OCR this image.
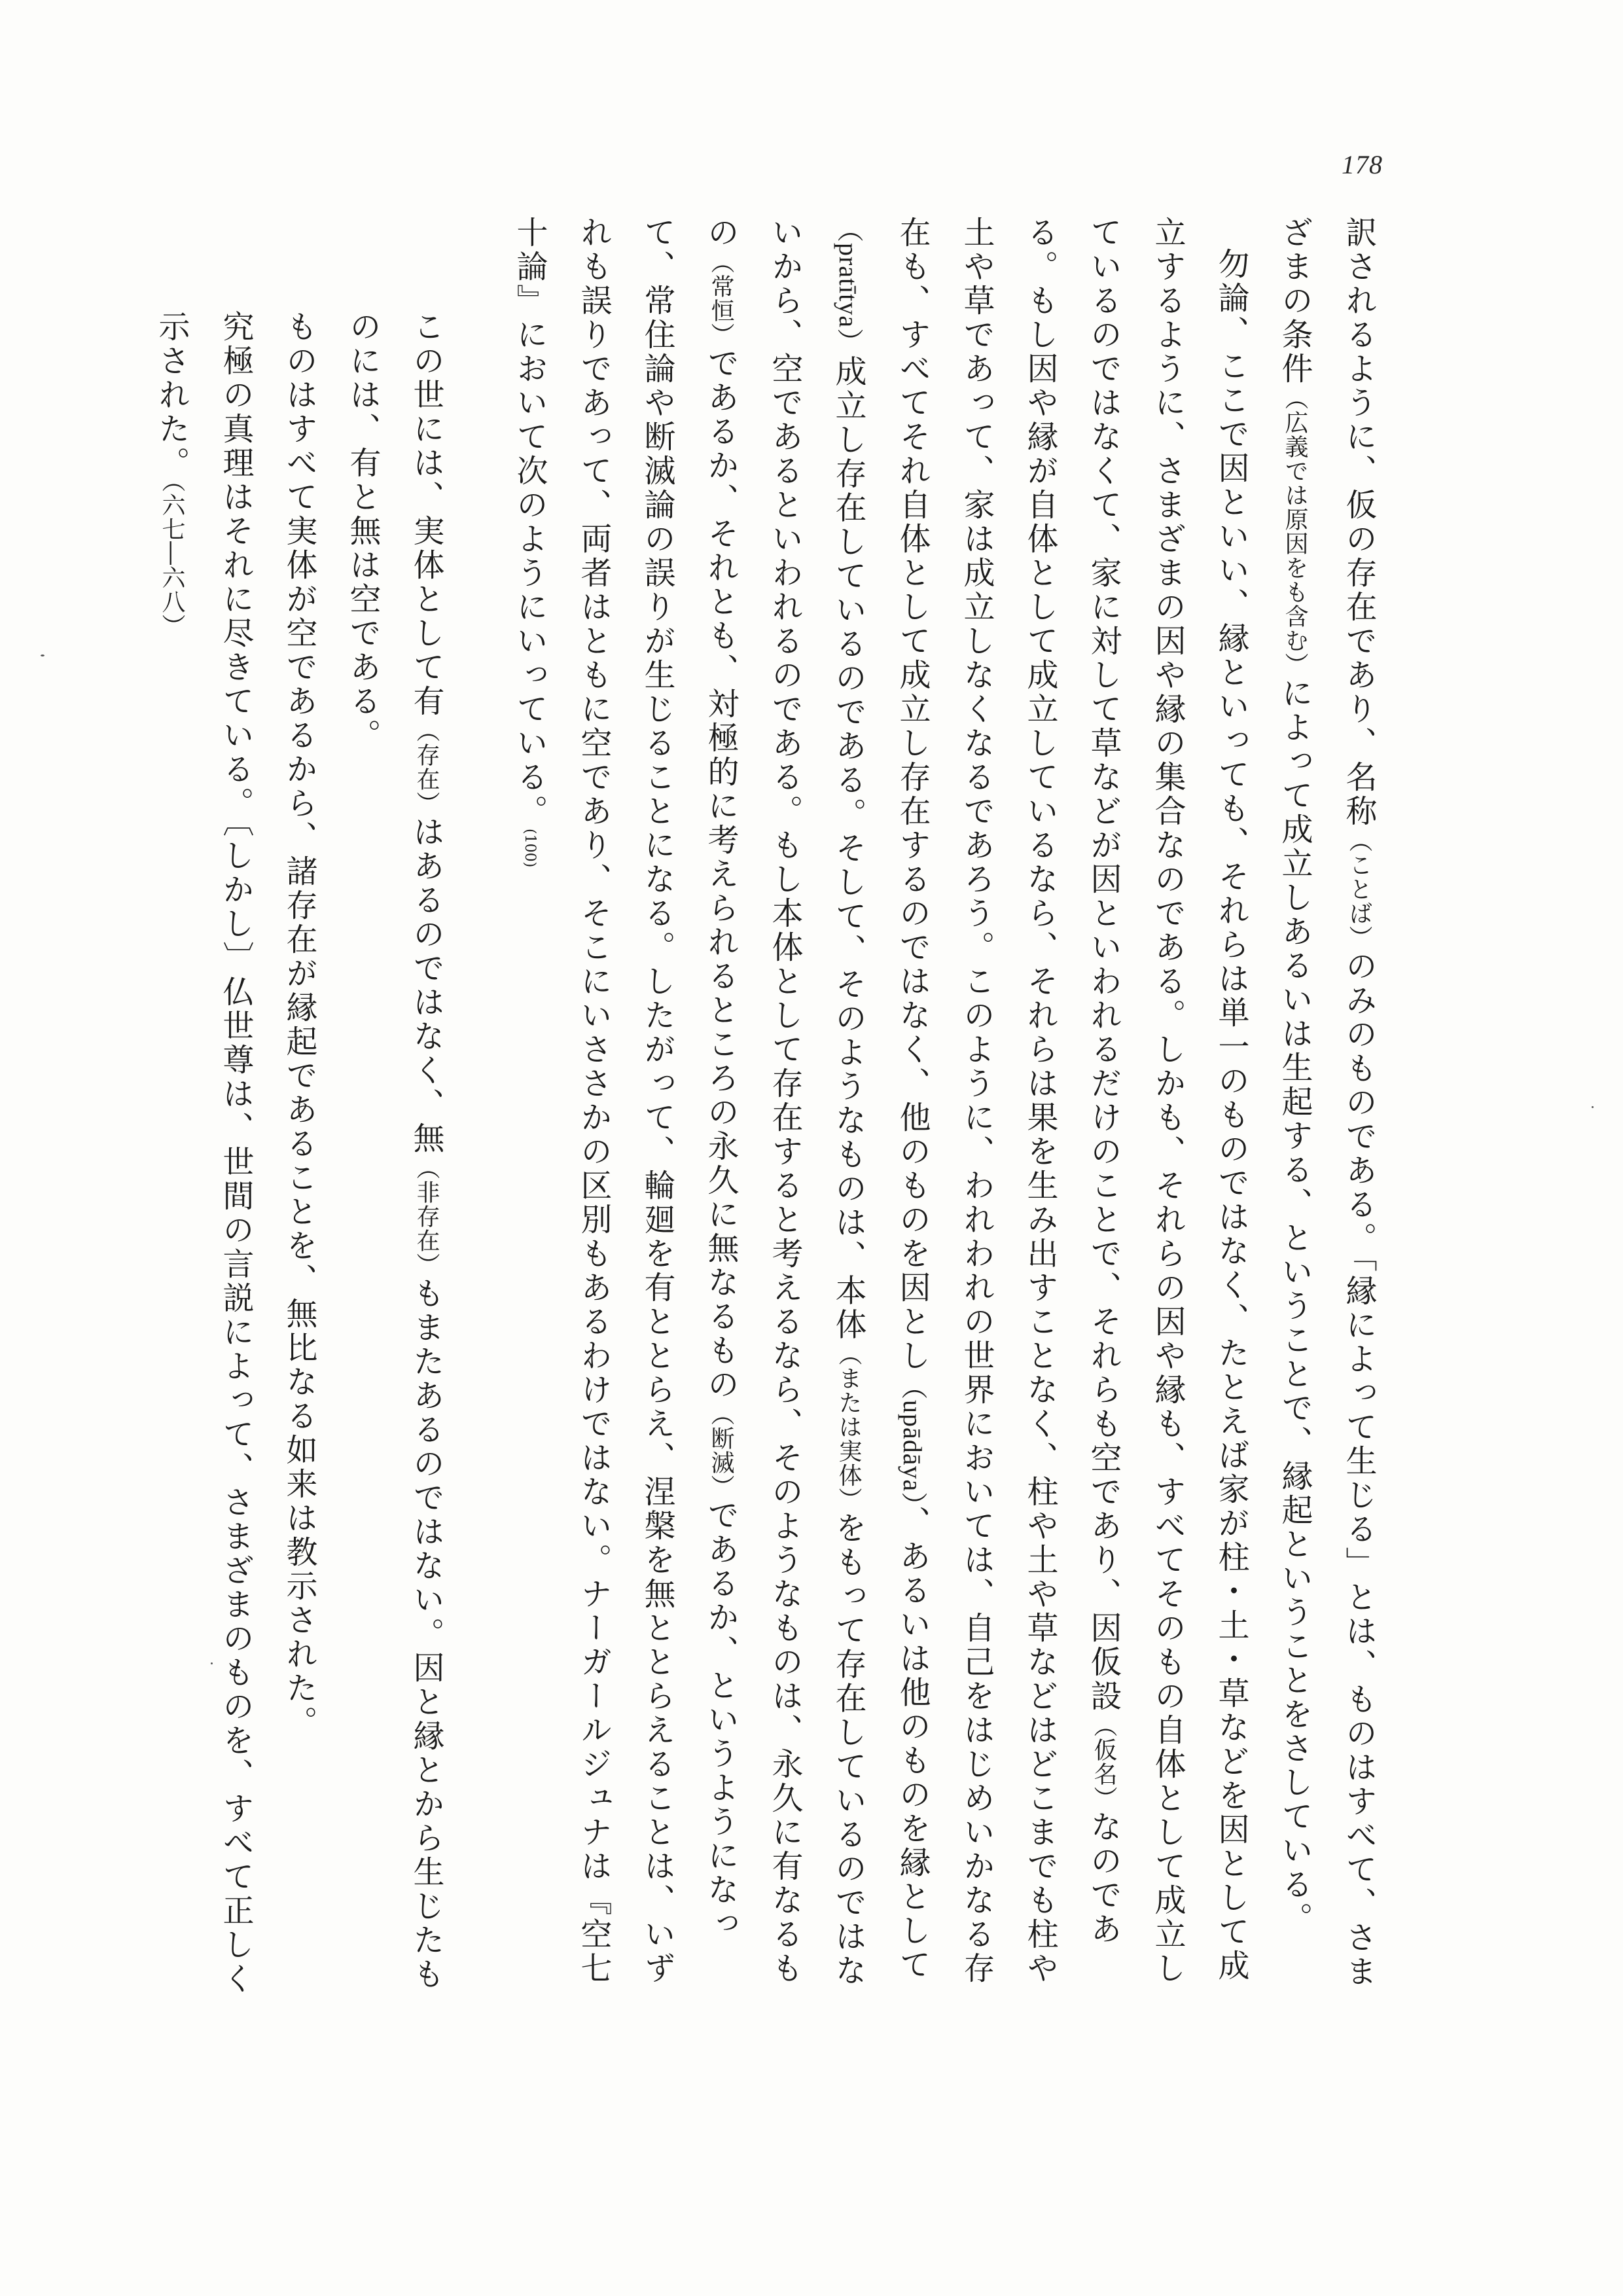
178

訳されるように、仮の存在であり、名称（ことば）のみのものである。「縁によって生じる」とは、ものはすべて、さまざまの条件（広義では原因をも含む）によって成立しあるいは生起する、ということで、縁起ということをさしている。

勿論、ここで因といい、縁といっても、それらは単一のものではなく、たとえば家が柱・土・草などを因として成立するように、さまざまの因や縁の集合なのである。しかも、それらの因や縁も、すべてそのもの自体として成立しているのではなくて、家に対して草などが因といわれるだけのことで、それらも空であり、因仮設（仮名）なのである。もし因や縁が自体として成立しているなら、それらは果を生み出すことなく、柱や土や草などはどこまでも柱や土や草であって、家は成立しなくなるであろう。このように、われわれの世界においては、自己をはじめいかなる存在も、すべてそれ自体として成立し存在するのではなく、他のものを因とし（upādāya）、あるいは他のものを縁として（pratītya）成立し存在しているのである。そして、そのようなものは、本体（または実体）をもって存在しているのではないから、空であるといわれるのである。もし本体として存在すると考えるなら、そのようなものは、永久に有なるもの（常恒）であるか、それとも、対極的に考えられるところの永久に無なるもの（断滅）であるか、というようになって、常住論や断滅論の誤りが生じることになる。したがって、輪廻を有ととらえ、涅槃を無ととらえることは、いずれも誤りであって、両者はともに空であり、そこにいささかの区別もあるわけではない。ナーガールジュナは『空七十論』において次のようにいっている。(100)

この世には、実体として有（存在）はあるのではなく、無（非存在）もまたあるのではない。因と縁とから生じたものには、有と無は空である。

ものはすべて実体が空であるから、諸存在が縁起であることを、無比なる如来は教示された。

究極の真理はそれに尽きている。〔しかし〕仏世尊は、世間の言説によって、さまざまのものを、すべて正しく示された。（六七―六八）
